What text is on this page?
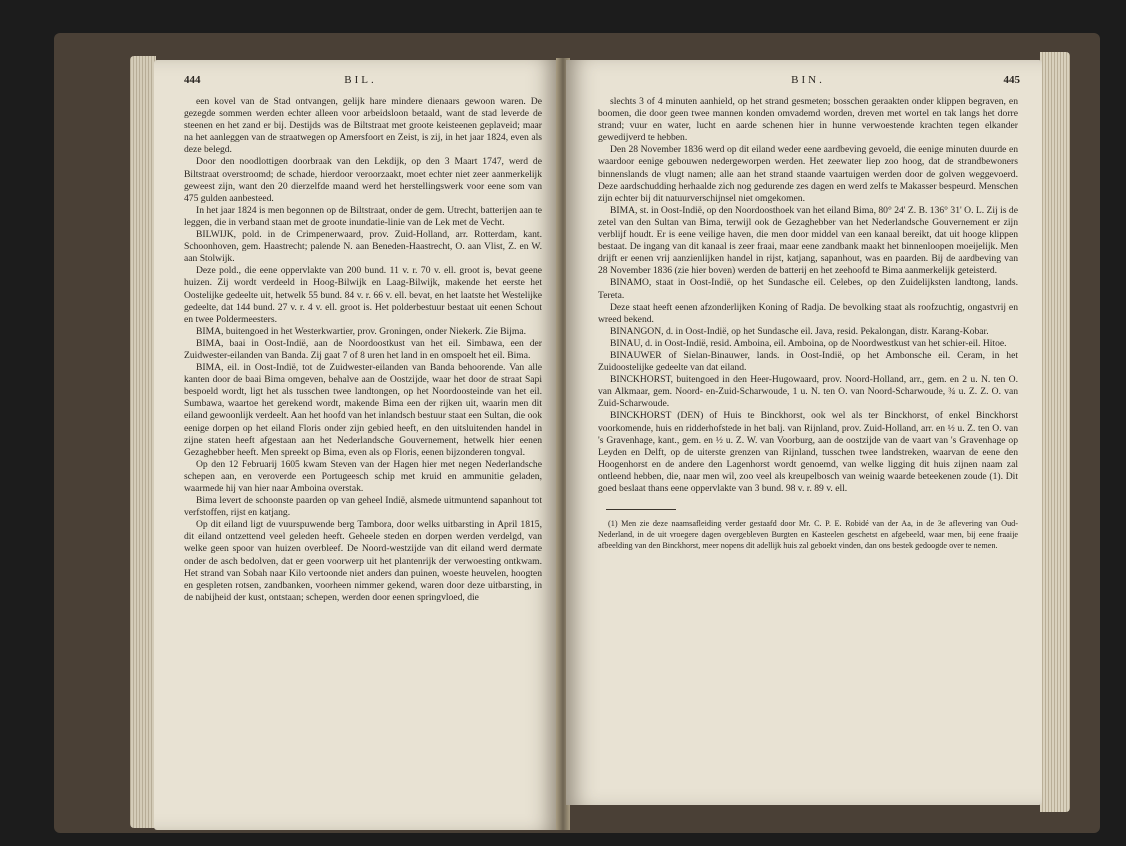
444	BIL.

een kovel van de Stad ontvangen, gelijk hare mindere dienaars gewoon waren. De gezegde sommen werden echter alleen voor arbeidsloon betaald, want de stad leverde de steenen en het zand er bij. Destijds was de Biltstraat met groote keisteenen geplaveid; maar na het aanleggen van de straatwegen op Amersfoort en Zeist, is zij, in het jaar 1824, even als deze belegd.

Door den noodlottigen doorbraak van den Lekdijk, op den 3 Maart 1747, werd de Biltstraat overstroomd; de schade, hierdoor veroorzaakt, moet echter niet zeer aanmerkelijk geweest zijn, want den 20 dierzelfde maand werd het herstellingswerk voor eene som van 475 gulden aanbesteed.

In het jaar 1824 is men begonnen op de Biltstraat, onder de gem. Utrecht, batterijen aan te leggen, die in verband staan met de groote inundatie-linie van de Lek met de Vecht.

BILWIJK, pold. in de Crimpenerwaard, prov. Zuid-Holland, arr. Rotterdam, kant. Schoonhoven, gem. Haastrecht; palende N. aan Beneden-Haastrecht, O. aan Vlist, Z. en W. aan Stolwijk.

Deze pold., die eene oppervlakte van 200 bund. 11 v. r. 70 v. ell. groot is, bevat geene huizen. Zij wordt verdeeld in Hoog-Bilwijk en Laag-Bilwijk, makende het eerste het Oostelijke gedeelte uit, hetwelk 55 bund. 84 v. r. 66 v. ell. bevat, en het laatste het Westelijke gedeelte, dat 144 bund. 27 v. r. 4 v. ell. groot is. Het polderbestuur bestaat uit eenen Schout en twee Poldermeesters.

BIMA, buitengoed in het Westerkwartier, prov. Groningen, onder Niekerk. Zie Bijma.

BIMA, baai in Oost-Indië, aan de Noordoostkust van het eil. Simbawa, een der Zuidwester-eilanden van Banda. Zij gaat 7 of 8 uren het land in en omspoelt het eil. Bima.

BIMA, eil. in Oost-Indië, tot de Zuidwester-eilanden van Banda behoorende. Van alle kanten door de baai Bima omgeven, behalve aan de Oostzijde, waar het door de straat Sapi bespoeld wordt, ligt het als tusschen twee landtongen, op het Noordoosteinde van het eil. Sumbawa, waartoe het gerekend wordt, makende Bima een der rijken uit, waarin men dit eiland gewoonlijk verdeelt. Aan het hoofd van het inlandsch bestuur staat een Sultan, die ook eenige dorpen op het eiland Floris onder zijn gebied heeft, en den uitsluitenden handel in zijne staten heeft afgestaan aan het Nederlandsche Gouvernement, hetwelk hier eenen Gezaghebber heeft. Men spreekt op Bima, even als op Floris, eenen bijzonderen tongval.

Op den 12 Februarij 1605 kwam Steven van der Hagen hier met negen Nederlandsche schepen aan, en veroverde een Portugeesch schip met kruid en ammunitie geladen, waarmede hij van hier naar Amboina overstak.

Bima levert de schoonste paarden op van geheel Indië, alsmede uitmuntend sapanhout tot verfstoffen, rijst en katjang.

Op dit eiland ligt de vuurspuwende berg Tambora, door welks uitbarsting in April 1815, dit eiland ontzettend veel geleden heeft. Geheele steden en dorpen werden verdelgd, van welke geen spoor van huizen overbleef. De Noord-westzijde van dit eiland werd dermate onder de asch bedolven, dat er geen voorwerp uit het plantenrijk der verwoesting ontkwam. Het strand van Sobah naar Kilo vertoonde niet anders dan puinen, woeste heuvelen, hoogten en gespleten rotsen, zandbanken, voorheen nimmer gekend, waren door deze uitbarsting, in de nabijheid der kust, ontstaan; schepen, werden door eenen springvloed, die

BIN.	445

slechts 3 of 4 minuten aanhield, op het strand gesmeten; bosschen geraakten onder klippen begraven, en boomen, die door geen twee mannen konden omvademd worden, dreven met wortel en tak langs het dorre strand; vuur en water, lucht en aarde schenen hier in hunne verwoestende krachten tegen elkander gewedijverd te hebben.

Den 28 November 1836 werd op dit eiland weder eene aardbeving gevoeld, die eenige minuten duurde en waardoor eenige gebouwen nedergeworpen werden. Het zeewater liep zoo hoog, dat de strandbewoners binnenslands de vlugt namen; alle aan het strand staande vaartuigen werden door de golven weggevoerd. Deze aardschudding herhaalde zich nog gedurende zes dagen en werd zelfs te Makasser bespeurd. Menschen zijn echter bij dit natuurverschijnsel niet omgekomen.

BIMA, st. in Oost-Indië, op den Noordoosthoek van het eiland Bima, 80° 24' Z. B. 136° 31' O. L. Zij is de zetel van den Sultan van Bima, terwijl ook de Gezaghebber van het Nederlandsche Gouvernement er zijn verblijf houdt. Er is eene veilige haven, die men door middel van een kanaal bereikt, dat uit hooge klippen bestaat. De ingang van dit kanaal is zeer fraai, maar eene zandbank maakt het binnenloopen moeijelijk. Men drijft er eenen vrij aanzienlijken handel in rijst, katjang, sapanhout, was en paarden. Bij de aardbeving van 28 November 1836 (zie hier boven) werden de batterij en het zeehoofd te Bima aanmerkelijk geteisterd.

BINAMO, staat in Oost-Indië, op het Sundasche eil. Celebes, op den Zuidelijksten landtong, lands. Tereta.

Deze staat heeft eenen afzonderlijken Koning of Radja. De bevolking staat als roofzuchtig, ongastvrij en wreed bekend.

BINANGON, d. in Oost-Indië, op het Sundasche eil. Java, resid. Pekalongan, distr. Karang-Kobar.

BINAU, d. in Oost-Indië, resid. Amboina, eil. Amboina, op de Noordwestkust van het schier-eil. Hitoe.

BINAUWER of Sielan-Binauwer, lands. in Oost-Indië, op het Ambonsche eil. Ceram, in het Zuidoostelijke gedeelte van dat eiland.

BINCKHORST, buitengoed in den Heer-Hugowaard, prov. Noord-Holland, arr., gem. en 2 u. N. ten O. van Alkmaar, gem. Noord- en-Zuid-Scharwoude, 1 u. N. ten O. van Noord-Scharwoude, ¾ u. Z. Z. O. van Zuid-Scharwoude.

BINCKHORST (DEN) of Huis te Binckhorst, ook wel als ter Binckhorst, of enkel Binckhorst voorkomende, huis en ridderhofstede in het balj. van Rijnland, prov. Zuid-Holland, arr. en ½ u. Z. ten O. van 's Gravenhage, kant., gem. en ½ u. Z. W. van Voorburg, aan de oostzijde van de vaart van 's Gravenhage op Leyden en Delft, op de uiterste grenzen van Rijnland, tusschen twee landstreken, waarvan de eene den Hoogenhorst en de andere den Lagenhorst wordt genoemd, van welke ligging dit huis zijnen naam zal ontleend hebben, die, naar men wil, zoo veel als kreupelbosch van weinig waarde beteekenen zoude (1). Dit goed beslaat thans eene oppervlakte van 3 bund. 98 v. r. 89 v. ell.

(1) Men zie deze naamsafleiding verder gestaafd door Mr. C. P. E. Robidé van der Aa, in de 3e aflevering van Oud-Nederland, in de uit vroegere dagen overgebleven Burgten en Kasteelen geschetst en afgebeeld, waar men, bij eene fraaije afbeelding van den Binckhorst, meer nopens dit adellijk huis zal geboekt vinden, dan ons bestek gedoogde over te nemen.
